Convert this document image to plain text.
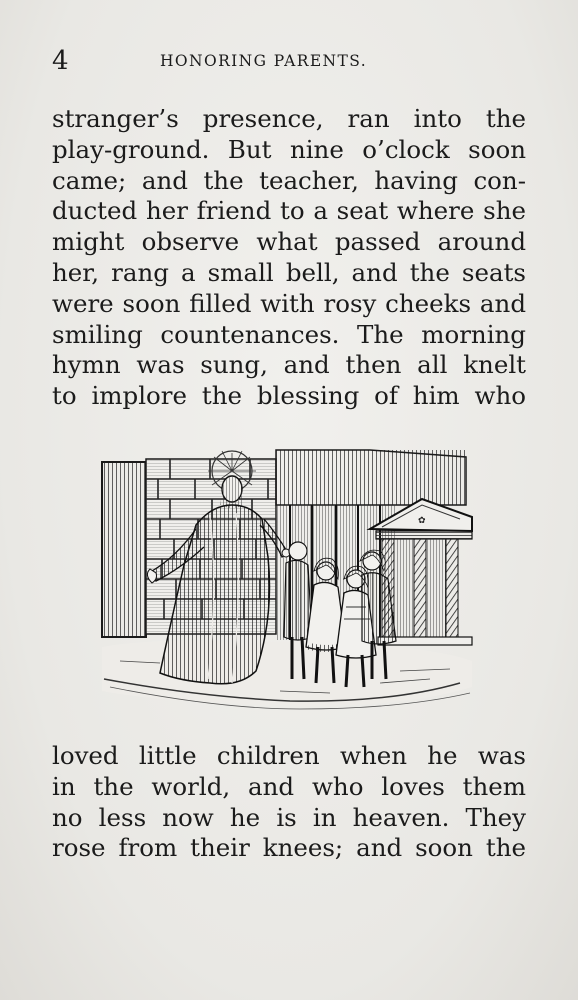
4	HONORING PARENTS.
stranger’s presence, ran into the
play-ground. But nine o’clock soon
came; and the teacher, having con-
ducted her friend to a seat where she
might observe what passed around
her, rang a small bell, and the seats
were soon filled with rosy cheeks and
smiling countenances. The morning
hymn was sung, and then all knelt
to implore the blessing of him who
✿
loved little children when he was
in the world, and who loves them
no less now he is in heaven. They
rose from their knees; and soon the
